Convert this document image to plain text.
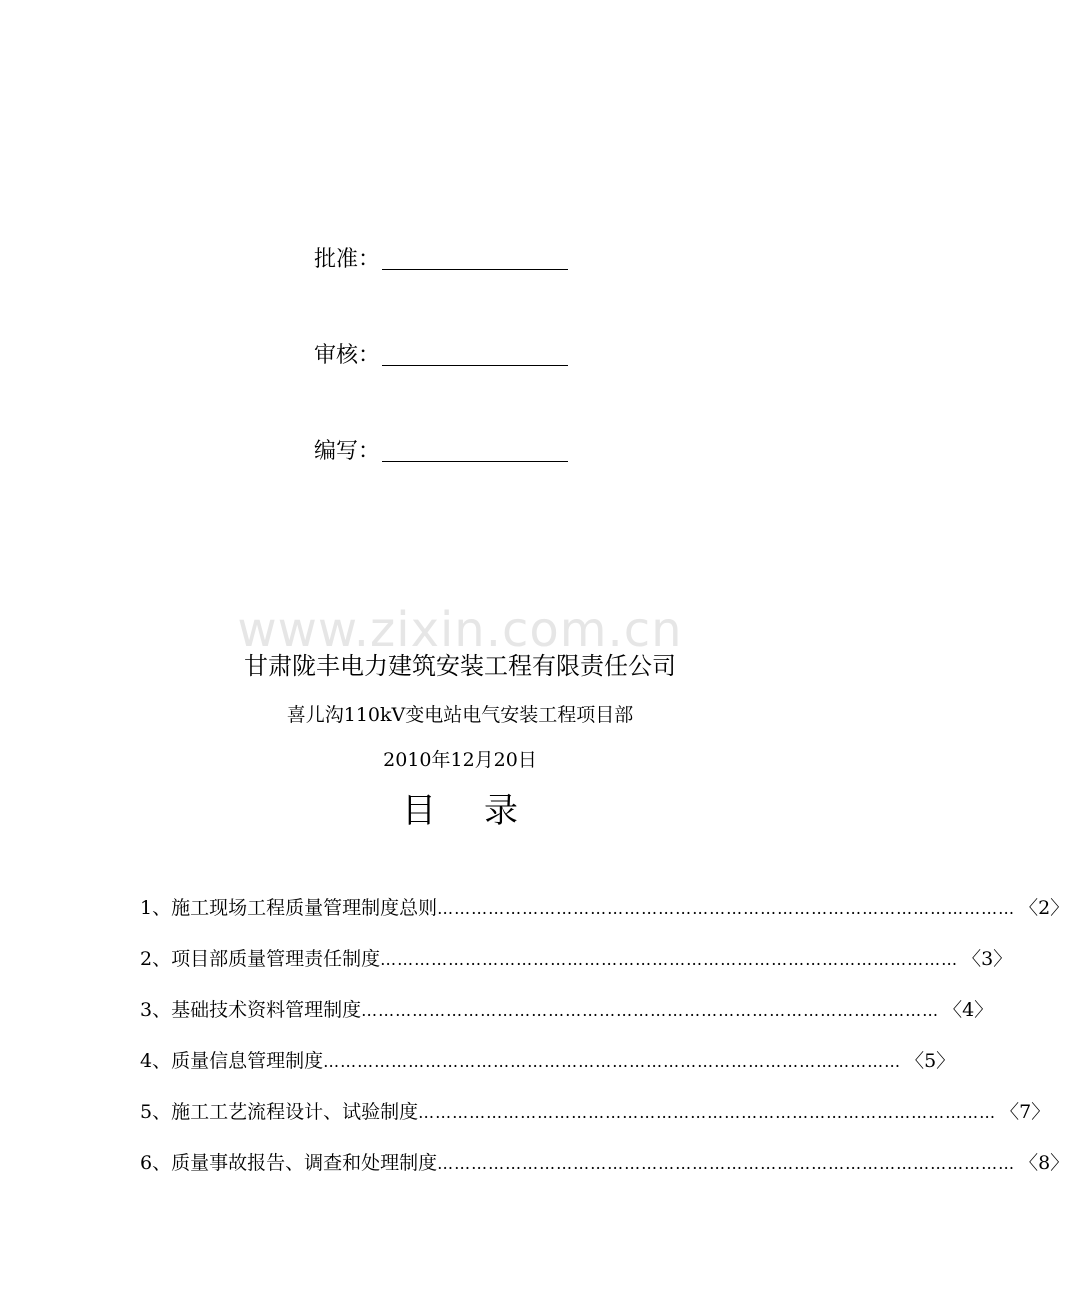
批准：
审核：
编写：
www.zixin.com.cn
甘肃陇丰电力建筑安装工程有限责任公司
喜儿沟110kV变电站电气安装工程项目部
2010年12月20日
目 录
1、施工现场工程质量管理制度总则 ………………………………………………………………………………………… 〈2〉
2、项目部质量管理责任制度 ………………………………………………………………………………………… 〈3〉
3、基础技术资料管理制度 ………………………………………………………………………………………… 〈4〉
4、质量信息管理制度 ………………………………………………………………………………………… 〈5〉
5、施工工艺流程设计、试验制度 ………………………………………………………………………………………… 〈7〉
6、质量事故报告、调查和处理制度 ………………………………………………………………………………………… 〈8〉
